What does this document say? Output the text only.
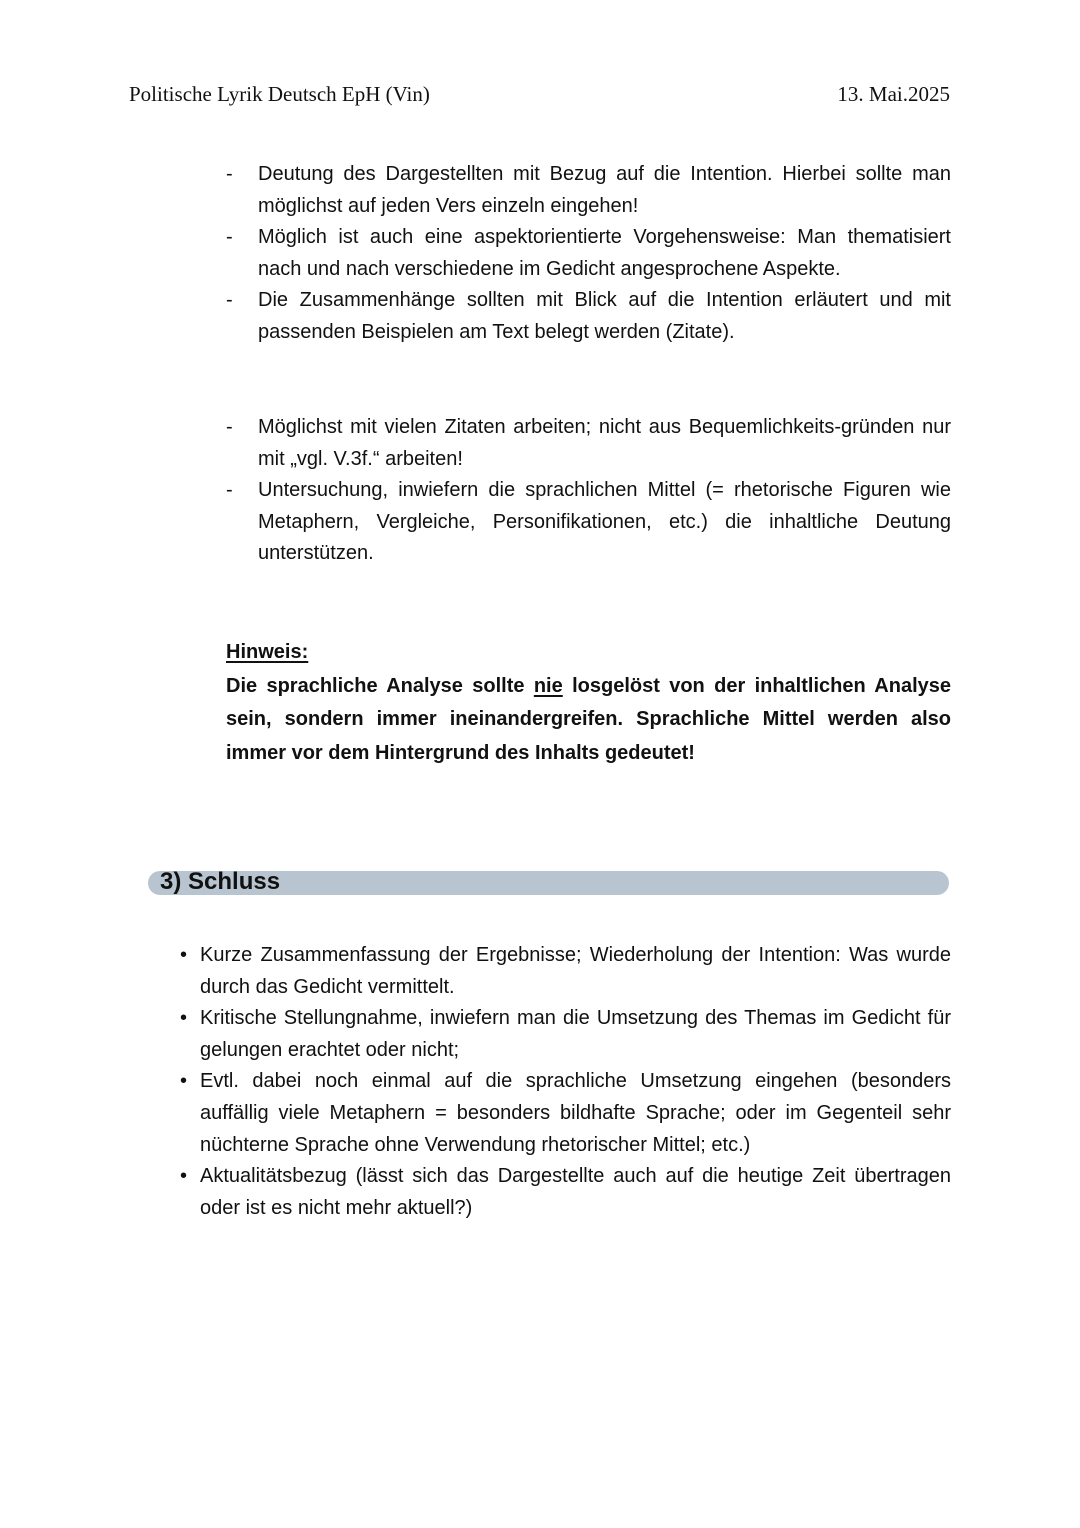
Politische Lyrik Deutsch EpH (Vin)	13. Mai.2025
- Deutung des Dargestellten mit Bezug auf die Intention. Hierbei sollte man möglichst auf jeden Vers einzeln eingehen!
- Möglich ist auch eine aspektorientierte Vorgehensweise: Man thematisiert nach und nach verschiedene im Gedicht angesprochene Aspekte.
- Die Zusammenhänge sollten mit Blick auf die Intention erläutert und mit passenden Beispielen am Text belegt werden (Zitate).
- Möglichst mit vielen Zitaten arbeiten; nicht aus Bequemlichkeits-gründen nur mit „vgl. V.3f.“ arbeiten!
- Untersuchung, inwiefern die sprachlichen Mittel (= rhetorische Figuren wie Metaphern, Vergleiche, Personifikationen, etc.) die inhaltliche Deutung unterstützen.
Hinweis:

Die sprachliche Analyse sollte nie losgelöst von der inhaltlichen Analyse sein, sondern immer ineinandergreifen. Sprachliche Mittel werden also immer vor dem Hintergrund des Inhalts gedeutet!

3) Schluss
• Kurze Zusammenfassung der Ergebnisse; Wiederholung der Intention: Was wurde durch das Gedicht vermittelt.
• Kritische Stellungnahme, inwiefern man die Umsetzung des Themas im Gedicht für gelungen erachtet oder nicht;
• Evtl. dabei noch einmal auf die sprachliche Umsetzung eingehen (besonders auffällig viele Metaphern = besonders bildhafte Sprache; oder im Gegenteil sehr nüchterne Sprache ohne Verwendung rhetorischer Mittel; etc.)
• Aktualitätsbezug (lässt sich das Dargestellte auch auf die heutige Zeit übertragen oder ist es nicht mehr aktuell?)
